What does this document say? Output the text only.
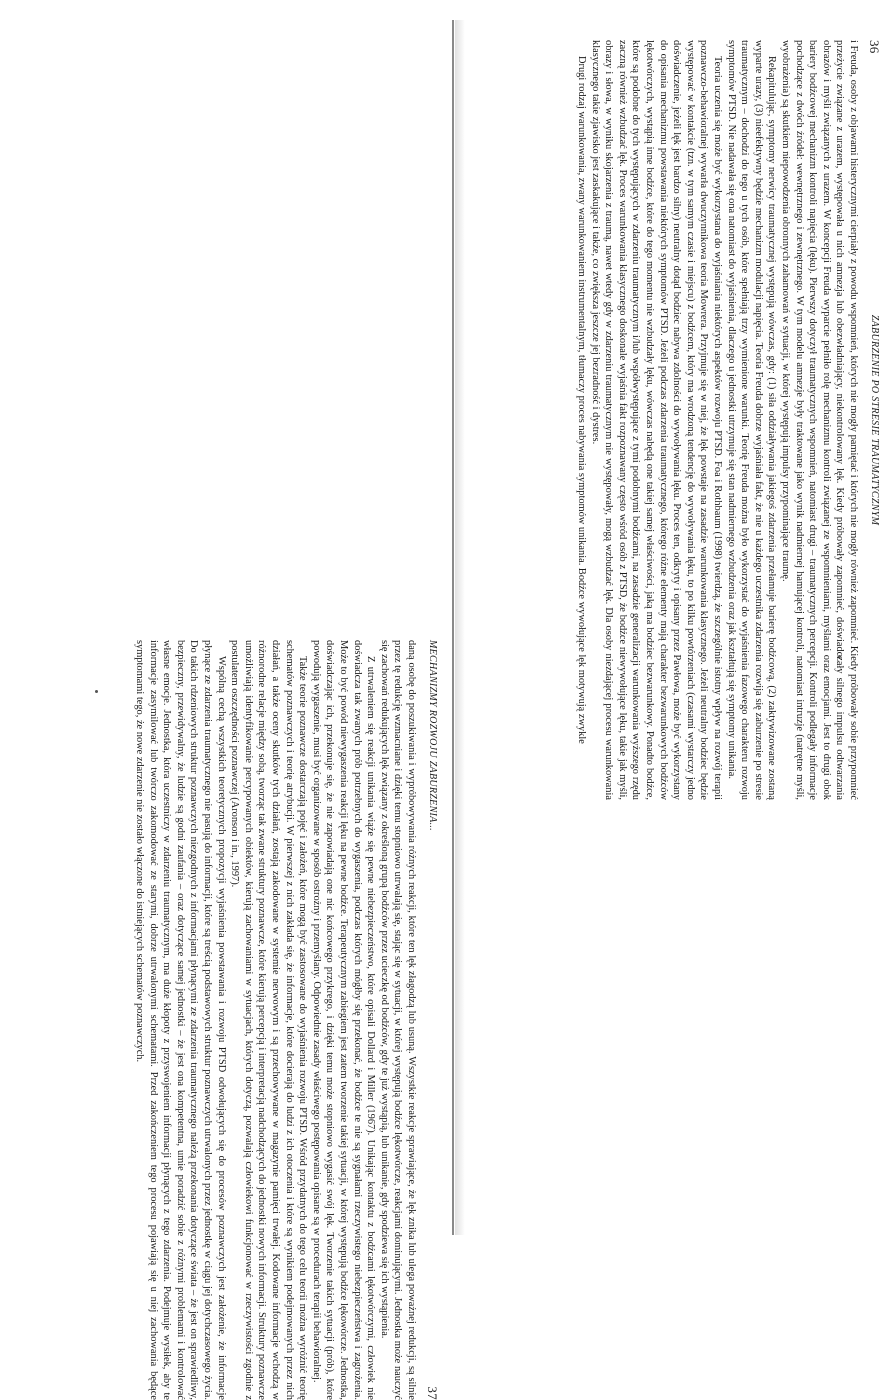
36
ZABURZENIE PO STRESIE TRAUMATYCZNYM

i Freuda, osoby z objawami histerycznymi cierpiały z powodu wspomnień, których nie mogły pamiętać i których nie mogły również zapomnieć. Kiedy próbowały sobie przypomnieć przeżycie związane z urazem, występowała u nich amnezja lub obezwładniający, niekontrolowany lęk. Kiedy próbowały zapomnieć, doświadczały silnego impulsu odtwarzania obrazów i myśli związanych z urazem. W koncepcji Freuda wyparcie pełniło rolę mechanizmu kontroli związanej ze wspomnieniami, myślami oraz emocjami. Jest to drugi obok bariery bodźcowej mechanizm kontroli napięcia (lęku). Pierwszy dotyczył traumatycznych wspomnień, natomiast drugi – traumatycznych percepcji. Kontroli podlegały informacje pochodzące z dwóch źródeł: wewnętrznego i zewnętrznego. W tym modelu amnezje były traktowane jako wynik nadmiernej hamującej kontroli, natomiast intruzje (natrętne myśli, wyobrażenia) są skutkiem niepowodzenia obronnych zahamowań w sytuacji, w której występują impulsy przypominające traumę.

Rekapitulując, symptomy nerwicy traumatycznej występują wówczas, gdy: (1) siła oddziaływania jakiegoś zdarzenia przełamuje barierę bodźcową, (2) zaktywizowane zostaną wyparte urazy, (3) nieefektywny będzie mechanizm modulacji napięcia. Teoria Freuda dobrze wyjaśniała fakt, że nie u każdego uczestnika zdarzenia rozwija się zaburzenie po stresie traumatycznym – dochodzi do tego u tych osób, które spełniają trzy wymienione warunki. Teorię Freuda można było wykorzystać do wyjaśnienia fazowego charakteru rozwoju symptomów PTSD. Nie nadawała się ona natomiast do wyjaśnienia, dlaczego u jednostki utrzymuje się stan nadmiernego wzbudzenia oraz jak kształtują się symptomy unikania.

Teoria uczenia się może być wykorzystana do wyjaśniania niektórych aspektów rozwoju PTSD. Foa i Rothbaum (1998) twierdzą, że szczególnie istotny wpływ na rozwój terapii poznawczo-behawioralnej wywarła dwuczynnikowa teoria Mowrera. Przyjmuje się w niej, że lęk powstaje na zasadzie warunkowania klasycznego. Jeżeli neutralny bodziec będzie występować w kontakcie (tzn. w tym samym czasie i miejscu) z bodźcem, który ma wrodzoną tendencję do wywoływania lęku, to po kilku powtórzeniach (czasami wystarczy jedno doświadczenie, jeżeli lęk jest bardzo silny) neutralny dotąd bodziec nabywa zdolności do wywoływania lęku. Proces ten, odkryty i opisany przez Pawłowa, może być wykorzystany do opisania mechanizmu powstawania niektórych symptomów PTSD. Jeżeli podczas zdarzenia traumatycznego, którego różne elementy mają charakter bezwarunkowych bodźców lękotwórczych, wystąpią inne bodźce, które do tego momentu nie wzbudzały lęku, wówczas nabędą one takiej samej właściwości, jaką ma bodziec bezwarunkowy. Ponadto bodźce, które są podobne do tych występujących w zdarzeniu traumatycznym i/lub współwystępujące z tymi podobnymi bodźcami, na zasadzie generalizacji warunkowania wyższego rzędu zaczną również wzbudzać lęk. Proces warunkowania klasycznego doskonale wyjaśnia fakt rozpoznawany często wśród osób z PTSD, że bodźce niewywołujące lęku, takie jak myśli, obrazy i słowa, w wyniku skojarzenia z traumą, nawet wtedy gdy w zdarzeniu traumatycznym nie występowały, mogą wzbudzać lęk. Dla osoby niezdającej procesu warunkowania klasycznego takie zjawisko jest zaskakujące i także, co zwiększa jeszcze jej bezradność i dystres.

Drugi rodzaj warunkowania, zwany warunkowaniem instrumentalnym, tłumaczy proces nabywania symptomów unikania. Bodźce wywołujące lęk motywują zwykle

MECHANIZMY ROZWOJU ZABURZENIA...
37

daną osobę do poszukiwania i wypróbowywania różnych reakcji, które ten lęk złagodzą lub usuną. Wszystkie reakcje sprawiające, że lęk znika lub ulega poważnej redukcji, są silnie przez tę redukcję wzmacniane i dzięki temu stopniowo utrwalają się, stając się w sytuacji, w której występują bodźce lękotwórcze, reakcjami dominującymi. Jednostka może nauczyć się zachowań redukujących lęk związany z określoną grupą bodźców przez ucieczkę od bodźców, gdy te już wystąpią, lub unikanie, gdy spodziewa się ich wystąpienia.

Z utrwaleniem się reakcji unikania wiąże się pewne niebezpieczeństwo, które opisali Dollard i Miller (1967). Unikając kontaktu z bodźcami lękotwórczymi, człowiek nie doświadcza tak zwanych prób potrzebnych do wygaszenia, podczas których mógłby się przekonać, że bodźce te nie są sygnałami rzeczywistego niebezpieczeństwa i zagrożenia. Może to być powód niewygaszenia reakcji lęku na pewne bodźce. Terapeutycznym zabiegiem jest zatem tworzenie takiej sytuacji, w której występują bodźce lękowórcze. Jednostka, doświadczając ich, przekonuje się, że nie zapowiadają one nic końcowego przykrego, i dzięki temu może stopniowo wygasić swój lęk. Tworzenie takich sytuacji (prób), które powodują wygaszenie, musi być organizowane w sposób ostrożny i przemyślany. Odpowiednie zasady właściwego postępowania opisane są w procedurach terapii behawioralnej.

Także teorie poznawcze dostarczają pojęć i założeń, które mogą być zastosowane do wyjaśnienia rozwoju PTSD. Wśród przydatnych do tego celu teorii można wyróżnić teorię schematów poznawczych i teorię atrybucji. W pierwszej z nich zakłada się, że informacje, które docierają do ludzi z ich otoczenia i które są wynikiem podejmowanych przez nich działań, a także oceny skutków tych działań, zostają zakodowane w systemie nerwowym i są przechowywane w magazynie pamięci trwałej. Kodowane informacje wchodzą w różnorodne relacje między sobą, tworząc tak zwane struktury poznawcze, które kierują percepcją i interpretacją nadchodzących do jednostki nowych informacji. Struktury poznawcze umożliwiają identyfikowanie percypowanych obiektów, kierują zachowaniami w sytuacjach, których dotyczą, pozwalają człowiekowi funkcjonować w rzeczywistości zgodnie z postulatem oszczędności poznawczej (Aronson i in., 1997).

Wspólną cechą wszystkich teoretycznych propozycji wyjaśnienia powstawania i rozwoju PTSD odwołujących się do procesów poznawczych jest założenie, że informacje płynące ze zdarzenia traumatycznego nie pasują do informacji, które są treścią podstawowych struktur poznawczych utrwalonych przez jednostkę w ciągu jej dotychczasowego życia. Do takich rdzeniowych struktur poznawczych niezgodnych z informacjami płynącymi ze zdarzenia traumatycznego należą przekonania dotyczące świata – że jest on sprawiedliwy, bezpieczny, przewidywalny, że ludzie są godni zaufania – oraz dotyczące samej jednostki – że jest ona kompetentna, umie poradzić sobie z różnymi problemami i kontrolować własne emocje. Jednostka, która uczestniczy w zdarzeniu traumatycznym, ma duże kłopoty z przyswojeniem informacji płynących z tego zdarzenia. Podejmuje wysiłek, aby te informacje zasymilować lub twórczo zakomodować ze starymi, dobrze utrwalonymi schematami. Przed zakończeniem tego procesu pojawiają się u niej zachowania będące symptomami tego, że nowe zdarzenie nie zostało włączone do istniejących schematów poznawczych.
